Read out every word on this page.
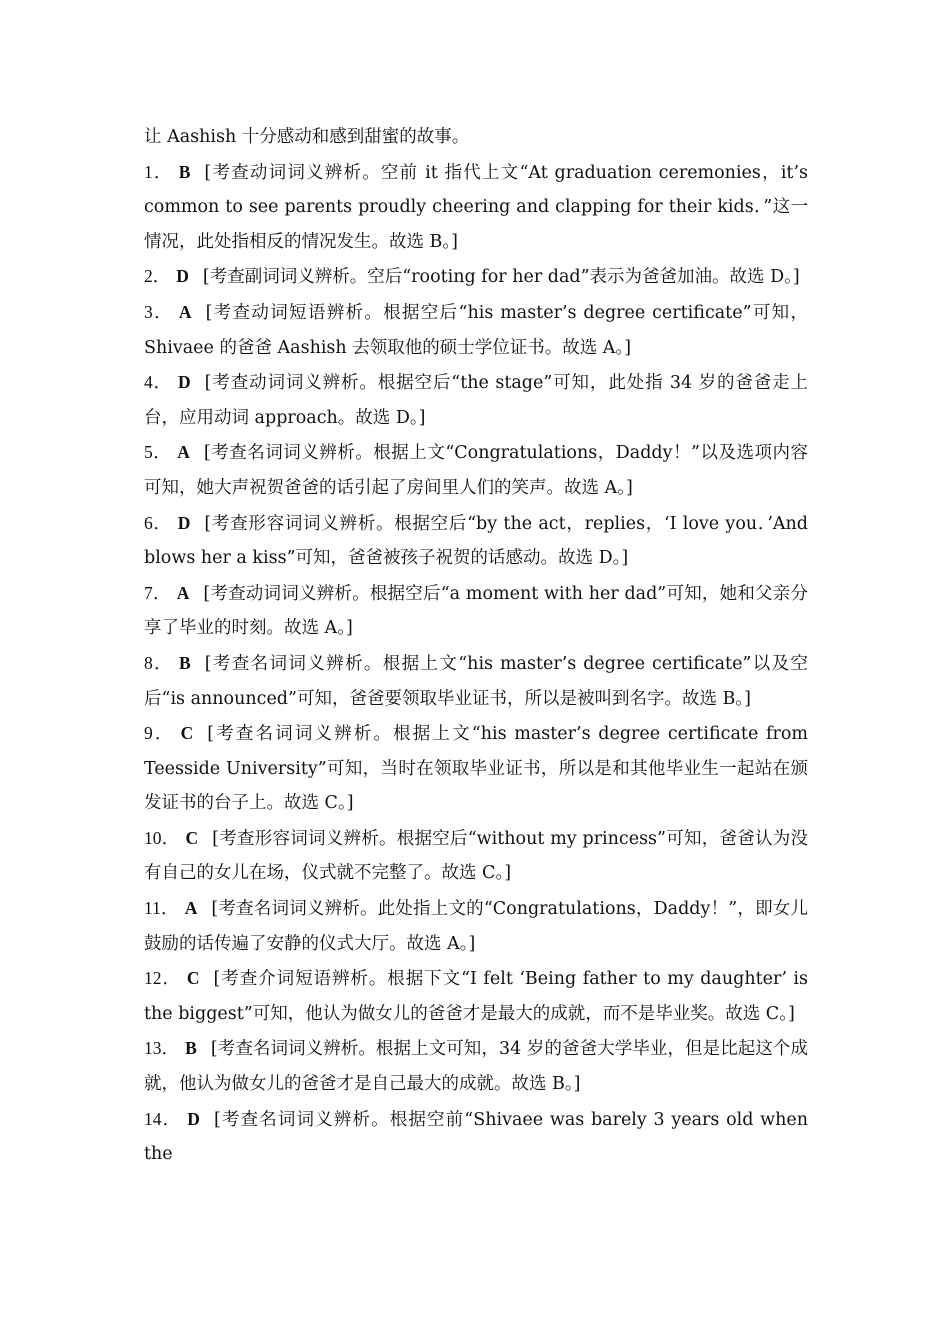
让 Aashish 十分感动和感到甜蜜的故事。

1． B [考查动词词义辨析。空前 it 指代上文“At graduation ceremonies，it’s common to see parents proudly cheering and clapping for their kids．”这一情况，此处指相反的情况发生。故选 B。]

2． D [考查副词词义辨析。空后“rooting for her dad”表示为爸爸加油。故选 D。]

3． A [考查动词短语辨析。根据空后“his master’s degree certificate”可知，Shivaee 的爸爸 Aashish 去领取他的硕士学位证书。故选 A。]

4． D [考查动词词义辨析。根据空后“the stage”可知，此处指 34 岁的爸爸走上台，应用动词 approach。故选 D。]

5． A [考查名词词义辨析。根据上文“Congratulations，Daddy！”以及选项内容可知，她大声祝贺爸爸的话引起了房间里人们的笑声。故选 A。]

6． D [考查形容词词义辨析。根据空后“by the act，replies，‘I love you．’And blows her a kiss”可知，爸爸被孩子祝贺的话感动。故选 D。]

7． A [考查动词词义辨析。根据空后“a moment with her dad”可知，她和父亲分享了毕业的时刻。故选 A。]

8． B [考查名词词义辨析。根据上文“his master’s degree certificate”以及空后“is announced”可知，爸爸要领取毕业证书，所以是被叫到名字。故选 B。]

9． C [考查名词词义辨析。根据上文“his master’s degree certificate from Teesside University”可知，当时在领取毕业证书，所以是和其他毕业生一起站在颁发证书的台子上。故选 C。]

10． C [考查形容词词义辨析。根据空后“without my princess”可知，爸爸认为没有自己的女儿在场，仪式就不完整了。故选 C。]

11． A [考查名词词义辨析。此处指上文的“Congratulations，Daddy！”，即女儿鼓励的话传遍了安静的仪式大厅。故选 A。]

12． C [考查介词短语辨析。根据下文“I felt ‘Being father to my daughter’ is the biggest”可知，他认为做女儿的爸爸才是最大的成就，而不是毕业奖。故选 C。]

13． B [考查名词词义辨析。根据上文可知，34 岁的爸爸大学毕业，但是比起这个成就，他认为做女儿的爸爸才是自己最大的成就。故选 B。]

14． D [考查名词词义辨析。根据空前“Shivaee was barely 3 years old when the
